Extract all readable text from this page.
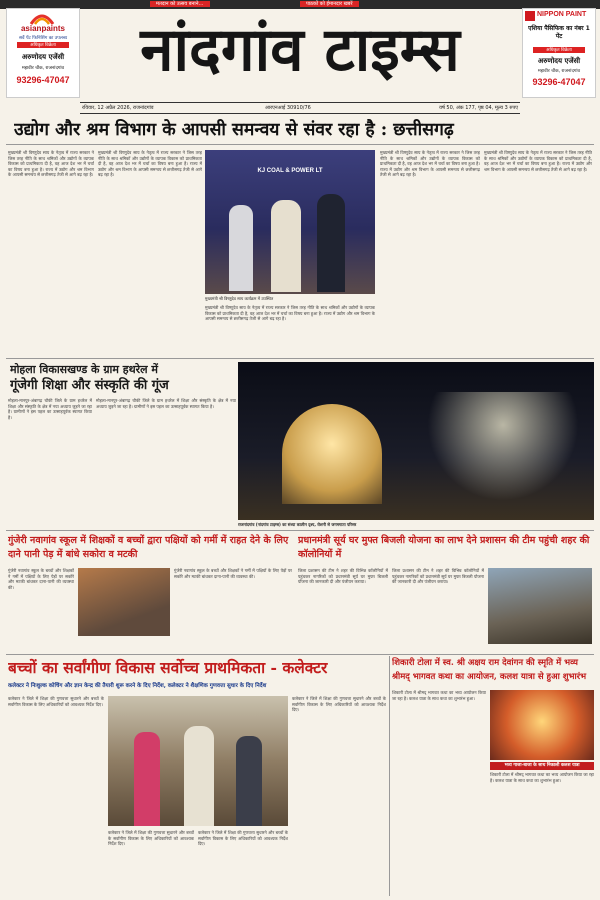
मतदान को उत्सव बनाने…	पाठकों को ईमानदार खबरें
asianpaints
सर्वे पेंट फिनिशिंग का उपलब्ध
अधिकृत विक्रेता
अरुणोदय एजेंसी
महावीर चौक, राजनांदगांव
93296-47047	नांदगांव टाइम्स
NIPPON PAINT
एशिया पैसिफिक का नंबर 1 पेंट
अधिकृत विक्रेता
अरुणोदय एजेंसी
महावीर चौक, राजनांदगांव
93296-47047
रविवार, 12 अप्रैल 2026, राजनांदगांव	आरएनआई 30910/76	वर्ष 50, अंक 177, पृष्ठ 04, मूल्य 3 रुपए
उद्योग और श्रम विभाग के आपसी समन्वय से संवर रहा है : छत्तीसगढ़
मुख्यमंत्री श्री विष्णुदेव साय के नेतृत्व में राज्य सरकार ने जिस तरह नीति के साथ श्रमिकों और उद्योगों के व्यापक विकास को प्राथमिकता दी है, वह आज देश भर में चर्चा का विषय बना हुआ है। राज्य में उद्योग और श्रम विभाग के आपसी समन्वय से छत्तीसगढ़ तेजी से आगे बढ़ रहा है।
मुख्यमंत्री श्री विष्णुदेव साय के नेतृत्व में राज्य सरकार ने जिस तरह नीति के साथ श्रमिकों और उद्योगों के व्यापक विकास को प्राथमिकता दी है, वह आज देश भर में चर्चा का विषय बना हुआ है। राज्य में उद्योग और श्रम विभाग के आपसी समन्वय से छत्तीसगढ़ तेजी से आगे बढ़ रहा है।
KJ COAL & POWER LT
मुख्यमंत्री श्री विष्णुदेव साय कार्यक्रम में उपस्थित
मुख्यमंत्री श्री विष्णुदेव साय के नेतृत्व में राज्य सरकार ने जिस तरह नीति के साथ श्रमिकों और उद्योगों के व्यापक विकास को प्राथमिकता दी है, वह आज देश भर में चर्चा का विषय बना हुआ है। राज्य में उद्योग और श्रम विभाग के आपसी समन्वय से छत्तीसगढ़ तेजी से आगे बढ़ रहा है।
मुख्यमंत्री श्री विष्णुदेव साय के नेतृत्व में राज्य सरकार ने जिस तरह नीति के साथ श्रमिकों और उद्योगों के व्यापक विकास को प्राथमिकता दी है, वह आज देश भर में चर्चा का विषय बना हुआ है। राज्य में उद्योग और श्रम विभाग के आपसी समन्वय से छत्तीसगढ़ तेजी से आगे बढ़ रहा है।
मुख्यमंत्री श्री विष्णुदेव साय के नेतृत्व में राज्य सरकार ने जिस तरह नीति के साथ श्रमिकों और उद्योगों के व्यापक विकास को प्राथमिकता दी है, वह आज देश भर में चर्चा का विषय बना हुआ है। राज्य में उद्योग और श्रम विभाग के आपसी समन्वय से छत्तीसगढ़ तेजी से आगे बढ़ रहा है।
मोहला विकासखण्ड के ग्राम हथरेल में
गूंजेगी शिक्षा और संस्कृति की गूंज
मोहला-मानपुर-अंबागढ़ चौकी जिले के ग्राम हथरेल में शिक्षा और संस्कृति के क्षेत्र में नया अध्याय जुड़ने जा रहा है। ग्रामीणों ने इस पहल का उत्साहपूर्वक स्वागत किया है।
मोहला-मानपुर-अंबागढ़ चौकी जिले के ग्राम हथरेल में शिक्षा और संस्कृति के क्षेत्र में नया अध्याय जुड़ने जा रहा है। ग्रामीणों ने इस पहल का उत्साहपूर्वक स्वागत किया है।
राजनांदगांव (नांदगांव टाइम्स) का संध्या कालीन दृश्य, रोशनी से जगमगाता परिसर
गुंजेरी नवागांव स्कूल में शिक्षकों व बच्चों द्वारा पक्षियों को गर्मी में राहत देने के लिए दाने पानी पेड़ में बांधे सकोरा व मटकी
गुंजेरी नवागांव स्कूल के बच्चों और शिक्षकों ने गर्मी में पक्षियों के लिए पेड़ों पर सकोरे और मटकी बांधकर दाना-पानी की व्यवस्था की।
गुंजेरी नवागांव स्कूल के बच्चों और शिक्षकों ने गर्मी में पक्षियों के लिए पेड़ों पर सकोरे और मटकी बांधकर दाना-पानी की व्यवस्था की।
प्रधानमंत्री सूर्य घर मुफ्त बिजली योजना का लाभ देने प्रशासन की टीम पहुंची शहर की कॉलोनियों में
जिला प्रशासन की टीम ने शहर की विभिन्न कॉलोनियों में पहुंचकर नागरिकों को प्रधानमंत्री सूर्य घर मुफ्त बिजली योजना की जानकारी दी और पंजीयन कराया।
जिला प्रशासन की टीम ने शहर की विभिन्न कॉलोनियों में पहुंचकर नागरिकों को प्रधानमंत्री सूर्य घर मुफ्त बिजली योजना की जानकारी दी और पंजीयन कराया।
बच्चों का सर्वांगीण विकास सर्वोच्च प्राथमिकता - कलेक्टर
कलेक्टर ने निःशुल्क कोचिंग और ज्ञान केन्द्र की तैयारी शुरू करने के दिए निर्देश, कलेक्टर ने शैक्षणिक गुणवत्ता सुधार के दिए निर्देश
कलेक्टर ने जिले में शिक्षा की गुणवत्ता सुधारने और बच्चों के सर्वांगीण विकास के लिए अधिकारियों को आवश्यक निर्देश दिए।
कलेक्टर ने जिले में शिक्षा की गुणवत्ता सुधारने और बच्चों के सर्वांगीण विकास के लिए अधिकारियों को आवश्यक निर्देश दिए।
कलेक्टर ने जिले में शिक्षा की गुणवत्ता सुधारने और बच्चों के सर्वांगीण विकास के लिए अधिकारियों को आवश्यक निर्देश दिए।
कलेक्टर ने जिले में शिक्षा की गुणवत्ता सुधारने और बच्चों के सर्वांगीण विकास के लिए अधिकारियों को आवश्यक निर्देश दिए।
शिकारी टोला में स्व. श्री अक्षय राम देवांगन की स्मृति में भव्य
श्रीमद् भागवत कथा का आयोजन, कलश यात्रा से हुआ शुभारंभ
शिकारी टोला में श्रीमद् भागवत कथा का भव्य आयोजन किया जा रहा है। कलश यात्रा के साथ कथा का शुभारंभ हुआ।
भव्य गाजा-बाजा के साथ निकाली कलश यात्रा
शिकारी टोला में श्रीमद् भागवत कथा का भव्य आयोजन किया जा रहा है। कलश यात्रा के साथ कथा का शुभारंभ हुआ।
